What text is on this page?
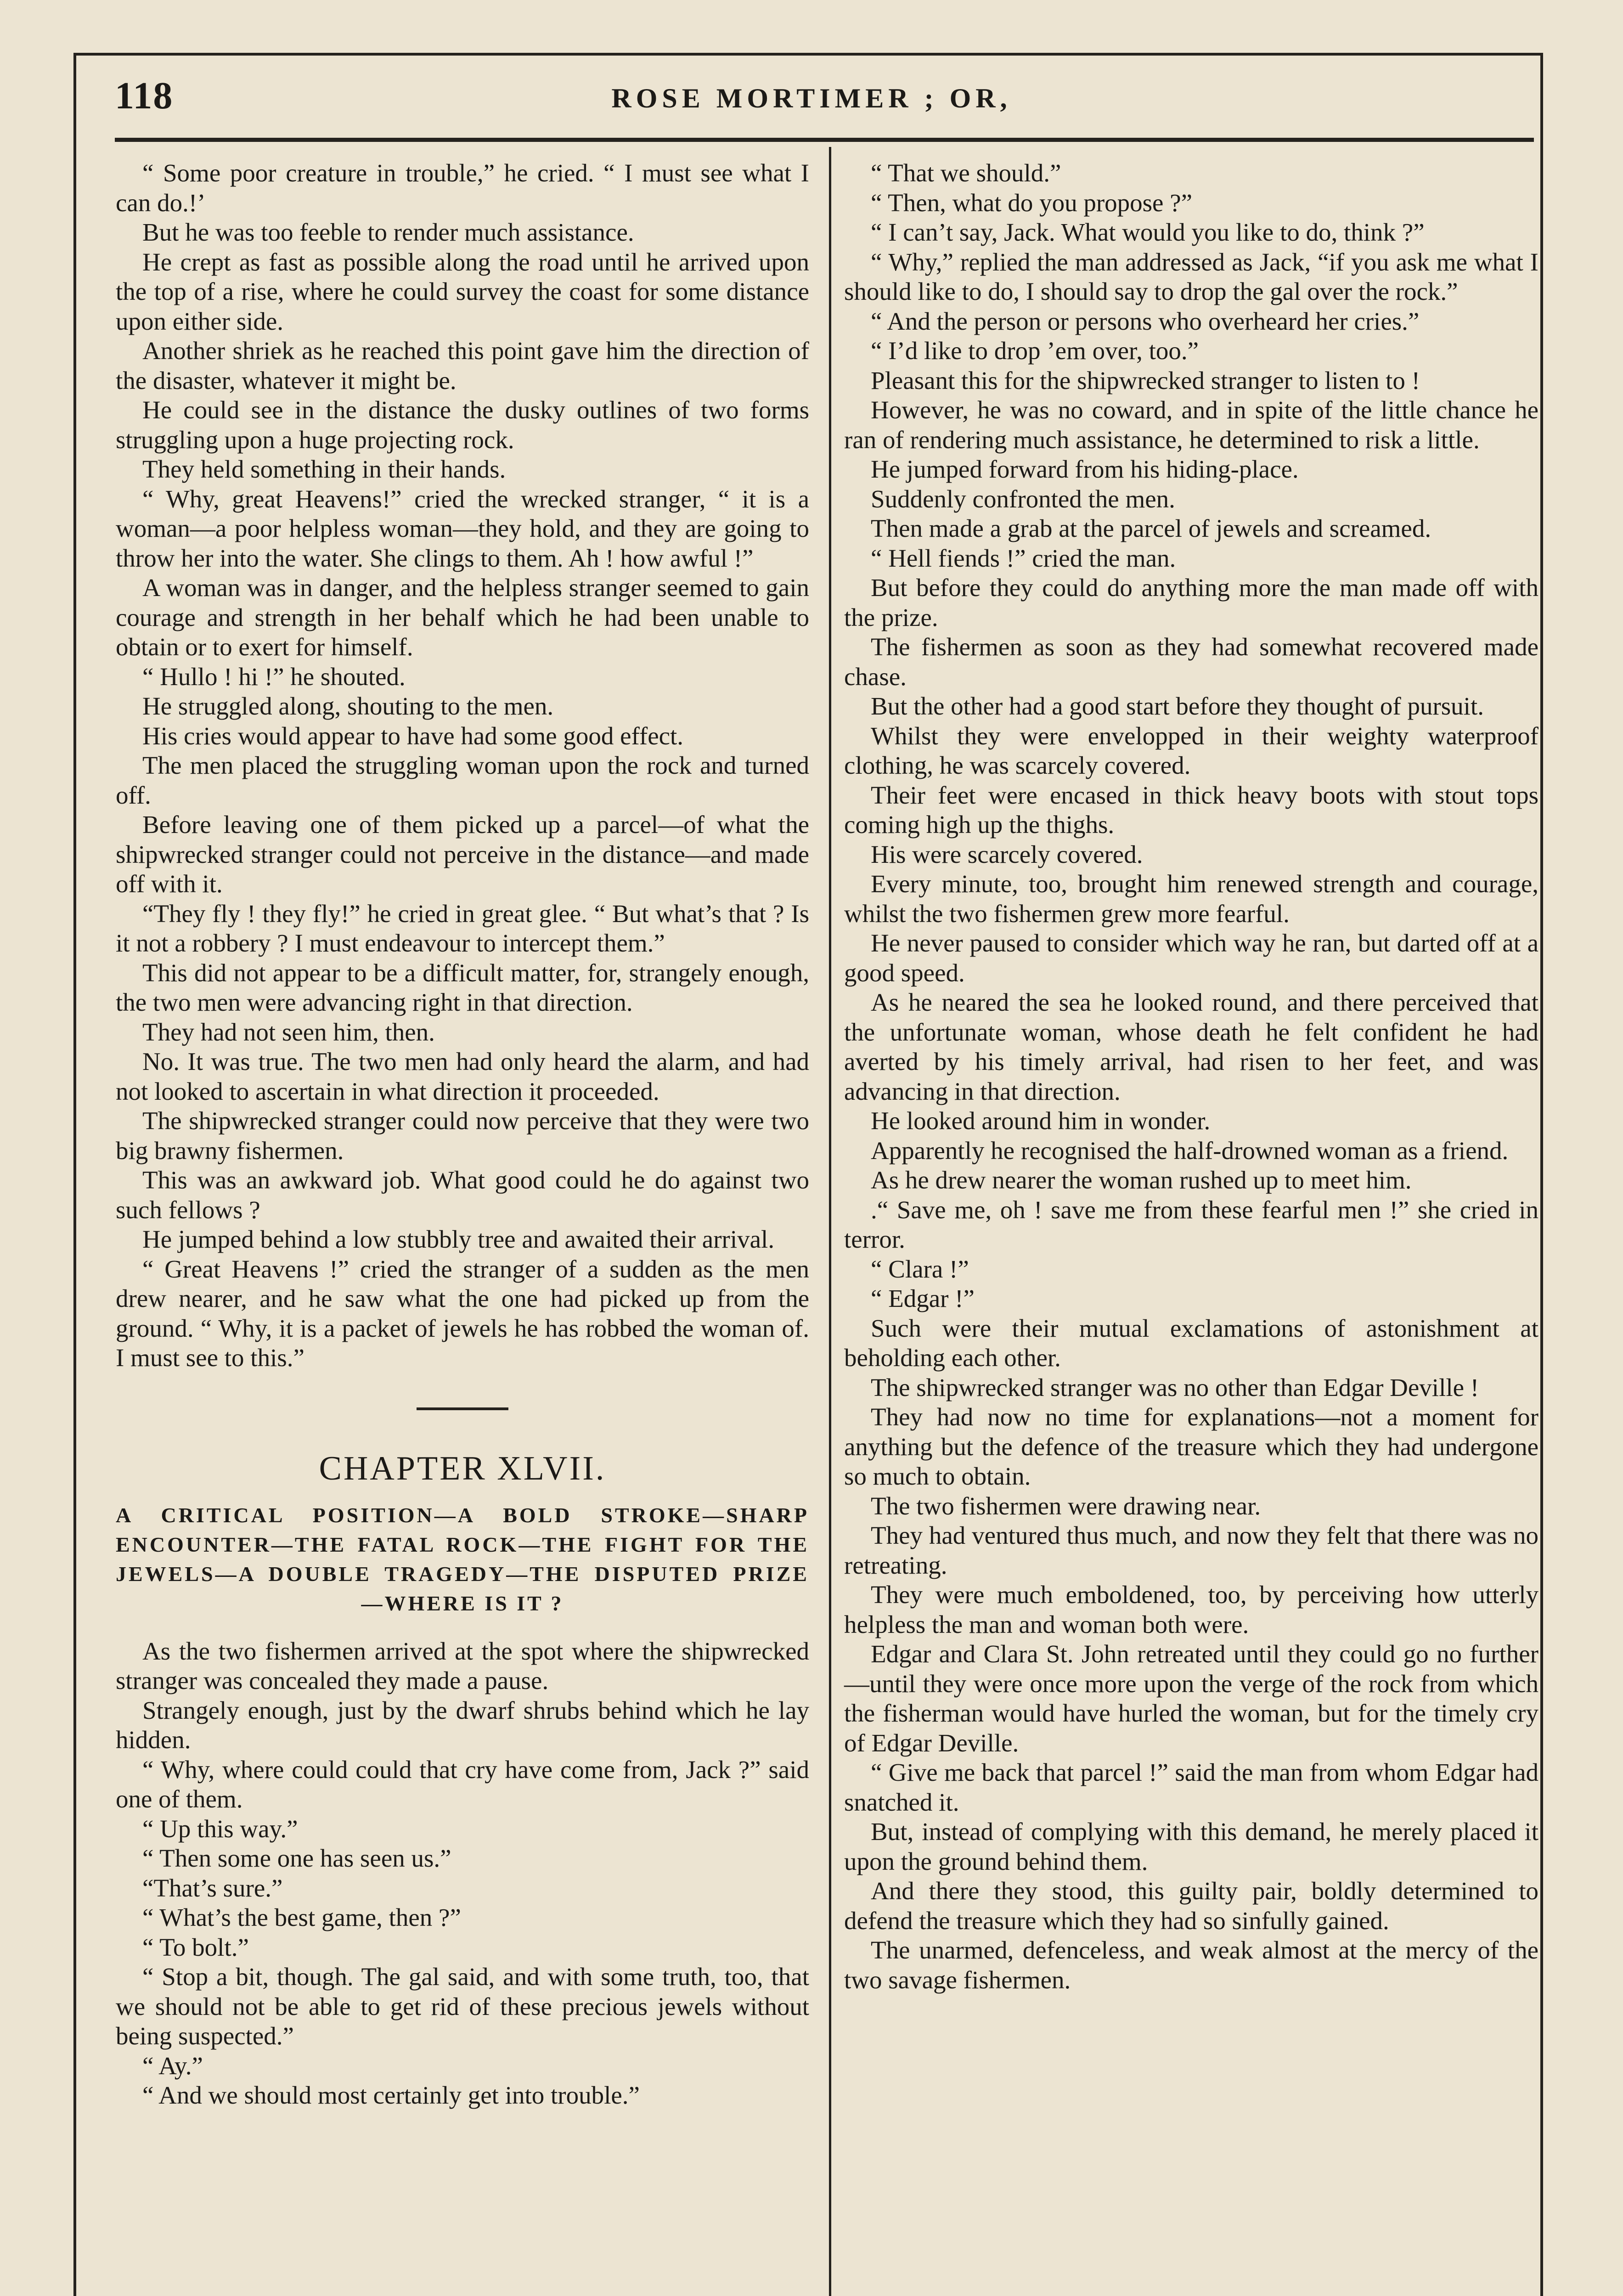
118	ROSE MORTIMER ; OR,

“ Some poor creature in trouble,” he cried. “ I must see what I can do.!’

But he was too feeble to render much assistance.

He crept as fast as possible along the road until he arrived upon the top of a rise, where he could survey the coast for some distance upon either side.

Another shriek as he reached this point gave him the direction of the disaster, whatever it might be.

He could see in the distance the dusky outlines of two forms struggling upon a huge projecting rock.

They held something in their hands.

“ Why, great Heavens!” cried the wrecked stranger, “ it is a woman—a poor helpless woman—they hold, and they are going to throw her into the water. She clings to them. Ah ! how awful !”

A woman was in danger, and the helpless stranger seemed to gain courage and strength in her behalf which he had been unable to obtain or to exert for himself.

“ Hullo ! hi !” he shouted.

He struggled along, shouting to the men.

His cries would appear to have had some good effect.

The men placed the struggling woman upon the rock and turned off.

Before leaving one of them picked up a parcel—of what the shipwrecked stranger could not perceive in the distance—and made off with it.

“They fly ! they fly!” he cried in great glee. “ But what’s that ? Is it not a robbery ? I must endeavour to intercept them.”

This did not appear to be a difficult matter, for, strangely enough, the two men were advancing right in that direction.

They had not seen him, then.

No. It was true. The two men had only heard the alarm, and had not looked to ascertain in what direction it proceeded.

The shipwrecked stranger could now perceive that they were two big brawny fishermen.

This was an awkward job. What good could he do against two such fellows ?

He jumped behind a low stubbly tree and awaited their arrival.

“ Great Heavens !” cried the stranger of a sudden as the men drew nearer, and he saw what the one had picked up from the ground. “ Why, it is a packet of jewels he has robbed the woman of. I must see to this.”

CHAPTER XLVII.
A CRITICAL POSITION—A BOLD STROKE—SHARP ENCOUNTER—THE FATAL ROCK—THE FIGHT FOR THE JEWELS—A DOUBLE TRAGEDY—THE DISPUTED PRIZE—WHERE IS IT ?

As the two fishermen arrived at the spot where the shipwrecked stranger was concealed they made a pause.

Strangely enough, just by the dwarf shrubs behind which he lay hidden.

“ Why, where could could that cry have come from, Jack ?” said one of them.

“ Up this way.”

“ Then some one has seen us.”

“That’s sure.”

“ What’s the best game, then ?”

“ To bolt.”

“ Stop a bit, though. The gal said, and with some truth, too, that we should not be able to get rid of these precious jewels without being suspected.”

“ Ay.”

“ And we should most certainly get into trouble.”

“ That we should.”

“ Then, what do you propose ?”

“ I can’t say, Jack. What would you like to do, think ?”

“ Why,” replied the man addressed as Jack, “if you ask me what I should like to do, I should say to drop the gal over the rock.”

“ And the person or persons who overheard her cries.”

“ I’d like to drop ’em over, too.”

Pleasant this for the shipwrecked stranger to listen to !

However, he was no coward, and in spite of the little chance he ran of rendering much assistance, he determined to risk a little.

He jumped forward from his hiding-place.

Suddenly confronted the men.

Then made a grab at the parcel of jewels and screamed.

“ Hell fiends !” cried the man.

But before they could do anything more the man made off with the prize.

The fishermen as soon as they had somewhat recovered made chase.

But the other had a good start before they thought of pursuit.

Whilst they were envelopped in their weighty waterproof clothing, he was scarcely covered.

Their feet were encased in thick heavy boots with stout tops coming high up the thighs.

His were scarcely covered.

Every minute, too, brought him renewed strength and courage, whilst the two fishermen grew more fearful.

He never paused to consider which way he ran, but darted off at a good speed.

As he neared the sea he looked round, and there perceived that the unfortunate woman, whose death he felt confident he had averted by his timely arrival, had risen to her feet, and was advancing in that direction.

He looked around him in wonder.

Apparently he recognised the half-drowned woman as a friend.

As he drew nearer the woman rushed up to meet him.

.“ Save me, oh ! save me from these fearful men !” she cried in terror.

“ Clara !”

“ Edgar !”

Such were their mutual exclamations of astonishment at beholding each other.

The shipwrecked stranger was no other than Edgar Deville !

They had now no time for explanations—not a moment for anything but the defence of the treasure which they had undergone so much to obtain.

The two fishermen were drawing near.

They had ventured thus much, and now they felt that there was no retreating.

They were much emboldened, too, by perceiving how utterly helpless the man and woman both were.

Edgar and Clara St. John retreated until they could go no further—until they were once more upon the verge of the rock from which the fisherman would have hurled the woman, but for the timely cry of Edgar Deville.

“ Give me back that parcel !” said the man from whom Edgar had snatched it.

But, instead of complying with this demand, he merely placed it upon the ground behind them.

And there they stood, this guilty pair, boldly determined to defend the treasure which they had so sinfully gained.

The unarmed, defenceless, and weak almost at the mercy of the two savage fishermen.
